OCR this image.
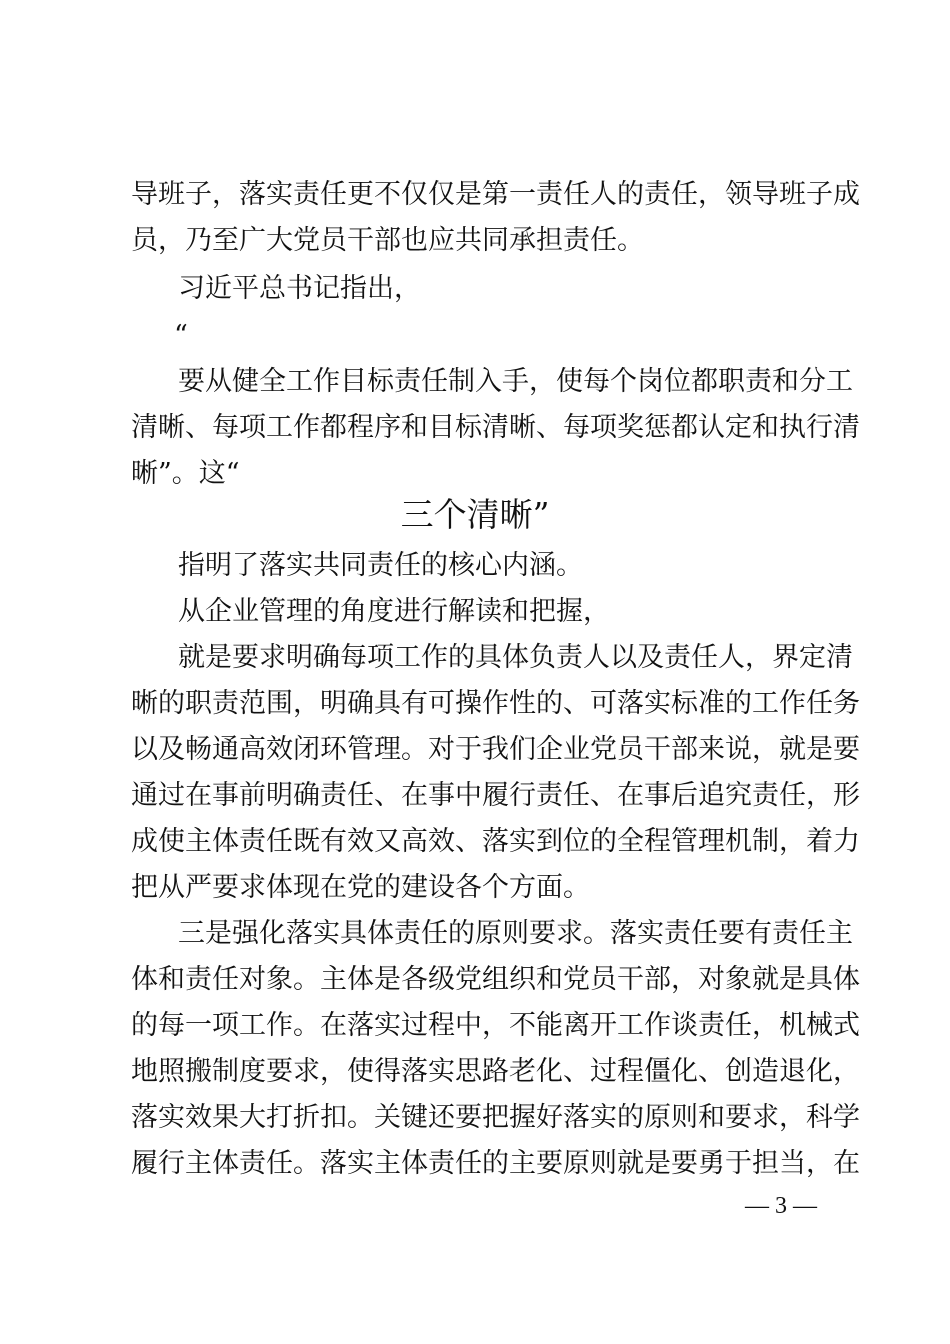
导班子，落实责任更不仅仅是第一责任人的责任，领导班子成
员，乃至广大党员干部也应共同承担责任。
习近平总书记指出，
“
要从健全工作目标责任制入手，使每个岗位都职责和分工
清晰、每项工作都程序和目标清晰、每项奖惩都认定和执行清
晰”。这“
三个清晰”
指明了落实共同责任的核心内涵。
从企业管理的角度进行解读和把握，
就是要求明确每项工作的具体负责人以及责任人，界定清
晰的职责范围，明确具有可操作性的、可落实标准的工作任务
以及畅通高效闭环管理。对于我们企业党员干部来说，就是要
通过在事前明确责任、在事中履行责任、在事后追究责任，形
成使主体责任既有效又高效、落实到位的全程管理机制，着力
把从严要求体现在党的建设各个方面。
三是强化落实具体责任的原则要求。落实责任要有责任主
体和责任对象。主体是各级党组织和党员干部，对象就是具体
的每一项工作。在落实过程中，不能离开工作谈责任，机械式
地照搬制度要求，使得落实思路老化、过程僵化、创造退化，
落实效果大打折扣。关键还要把握好落实的原则和要求，科学
履行主体责任。落实主体责任的主要原则就是要勇于担当，在
— 3 —
